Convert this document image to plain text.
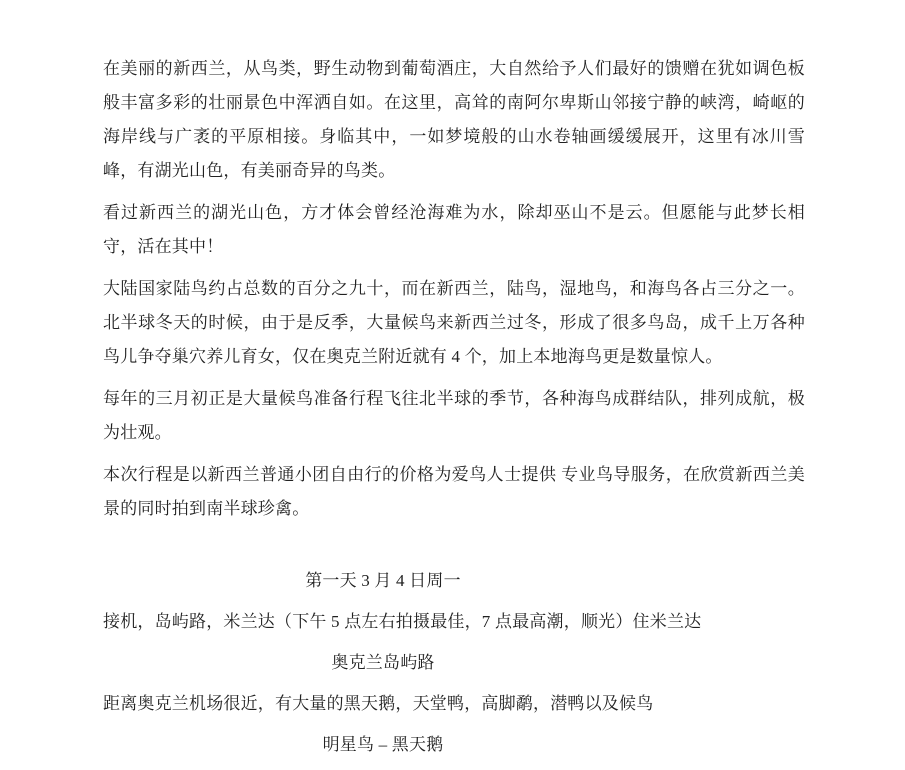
在美丽的新西兰，从鸟类，野生动物到葡萄酒庄，大自然给予人们最好的馈赠在犹如调色板般丰富多彩的壮丽景色中浑洒自如。在这里，高耸的南阿尔卑斯山邻接宁静的峡湾，崎岖的海岸线与广袤的平原相接。身临其中，一如梦境般的山水卷轴画缓缓展开，这里有冰川雪峰，有湖光山色，有美丽奇异的鸟类。

看过新西兰的湖光山色，方才体会曾经沧海难为水，除却巫山不是云。但愿能与此梦长相守，活在其中！

大陆国家陆鸟约占总数的百分之九十，而在新西兰，陆鸟，湿地鸟，和海鸟各占三分之一。北半球冬天的时候，由于是反季，大量候鸟来新西兰过冬，形成了很多鸟岛，成千上万各种鸟儿争夺巢穴养儿育女，仅在奥克兰附近就有 4 个，加上本地海鸟更是数量惊人。

每年的三月初正是大量候鸟准备行程飞往北半球的季节，各种海鸟成群结队，排列成航，极为壮观。

本次行程是以新西兰普通小团自由行的价格为爱鸟人士提供 专业鸟导服务，在欣赏新西兰美景的同时拍到南半球珍禽。

第一天 3 月 4 日周一

接机，岛屿路，米兰达（下午 5 点左右拍摄最佳，7 点最高潮，顺光）住米兰达

奥克兰岛屿路

距离奥克兰机场很近，有大量的黑天鹅，天堂鸭，高脚鹬，潜鸭以及候鸟

明星鸟 – 黑天鹅
